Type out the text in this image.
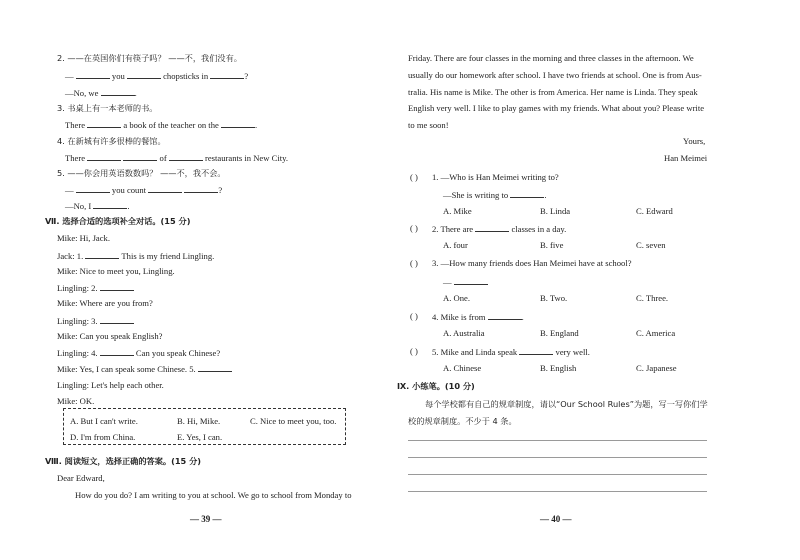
2. ——在英国你们有筷子吗？ ——不，我们没有。
—	you	chopsticks in	?
—No, we	.
3. 书桌上有一本老师的书。
There	a book of the teacher on the	.
4. 在新城有许多很棒的餐馆。
There	of	restaurants in New City.
5. ——你会用英语数数吗？ ——不，我不会。
—	you count	?
—No, I	.
Ⅶ. 选择合适的选项补全对话。(15 分)
Mike: Hi, Jack.
Jack: 1.	This is my friend Lingling.
Mike: Nice to meet you, Lingling.
Lingling: 2.
Mike: Where are you from?
Lingling: 3.
Mike: Can you speak English?
Lingling: 4.	Can you speak Chinese?
Mike: Yes, I can speak some Chinese. 5.
Lingling: Let's help each other.
Mike: OK.
A. But I can't write.	B. Hi, Mike.	C. Nice to meet you, too.
D. I'm from China.	E. Yes, I can.
Ⅷ. 阅读短文，选择正确的答案。(15 分)
Dear Edward,
How do you do? I am writing to you at school. We go to school from Monday to
— 39 —
Friday. There are four classes in the morning and three classes in the afternoon. We
usually do our homework after school. I have two friends at school. One is from Aus-
tralia. His name is Mike. The other is from America. Her name is Linda. They speak
English very well. I like to play games with my friends. What about you? Please write
to me soon!
Yours,
Han Meimei
( ) 1. —Who is Han Meimei writing to?
—She is writing to	.
A. Mike	B. Linda	C. Edward
( ) 2. There are	classes in a day.
A. four	B. five	C. seven
( ) 3. —How many friends does Han Meimei have at school?
—
A. One.	B. Two.	C. Three.
( ) 4. Mike is from	.
A. Australia	B. England	C. America
( ) 5. Mike and Linda speak	very well.
A. Chinese	B. English	C. Japanese
Ⅸ. 小练笔。(10 分)
每个学校都有自己的规章制度，请以“Our School Rules”为题，写一写你们学
校的规章制度。不少于 4 条。
— 40 —
